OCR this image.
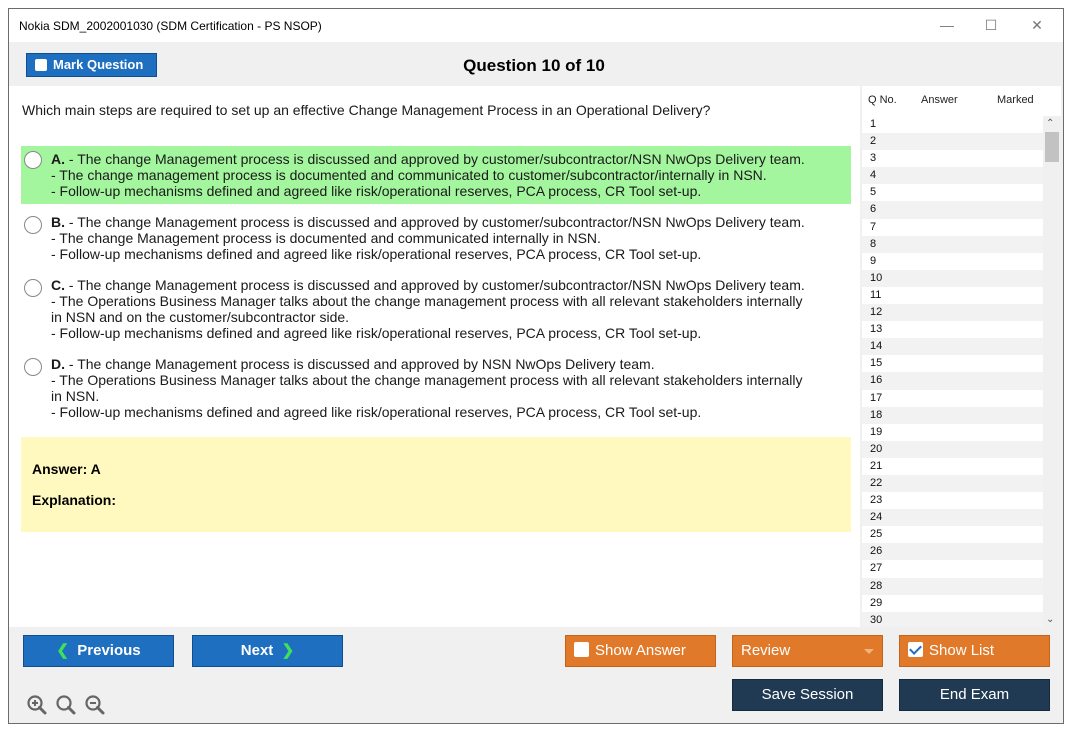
Nokia SDM_2002001030 (SDM Certification - PS NSOP)	—	☐	✕
Question 10 of 10
Mark Question
Which main steps are required to set up an effective Change Management Process in an Operational Delivery?
A. - The change Management process is discussed and approved by customer/subcontractor/NSN NwOps Delivery team.
- The change management process is documented and communicated to customer/subcontractor/internally in NSN.
- Follow-up mechanisms defined and agreed like risk/operational reserves, PCA process, CR Tool set-up.
B. - The change Management process is discussed and approved by customer/subcontractor/NSN NwOps Delivery team.
- The change Management process is documented and communicated internally in NSN.
- Follow-up mechanisms defined and agreed like risk/operational reserves, PCA process, CR Tool set-up.
C. - The change Management process is discussed and approved by customer/subcontractor/NSN NwOps Delivery team.
- The Operations Business Manager talks about the change management process with all relevant stakeholders internally
in NSN and on the customer/subcontractor side.
- Follow-up mechanisms defined and agreed like risk/operational reserves, PCA process, CR Tool set-up.
D. - The change Management process is discussed and approved by NSN NwOps Delivery team.
- The Operations Business Manager talks about the change management process with all relevant stakeholders internally
in NSN.
- Follow-up mechanisms defined and agreed like risk/operational reserves, PCA process, CR Tool set-up.
Answer: A
Explanation:
Q No. Answer	Marked
1
2
3
4
5
6
7
8
9
10
11
12
13
14
15
16
17
18
19
20
21
22
23
24
25
26
27
28
29
30
⌃
⌄
❮ Previous	Next ❯	Show Answer	Review	Show List
Save Session	End Exam
